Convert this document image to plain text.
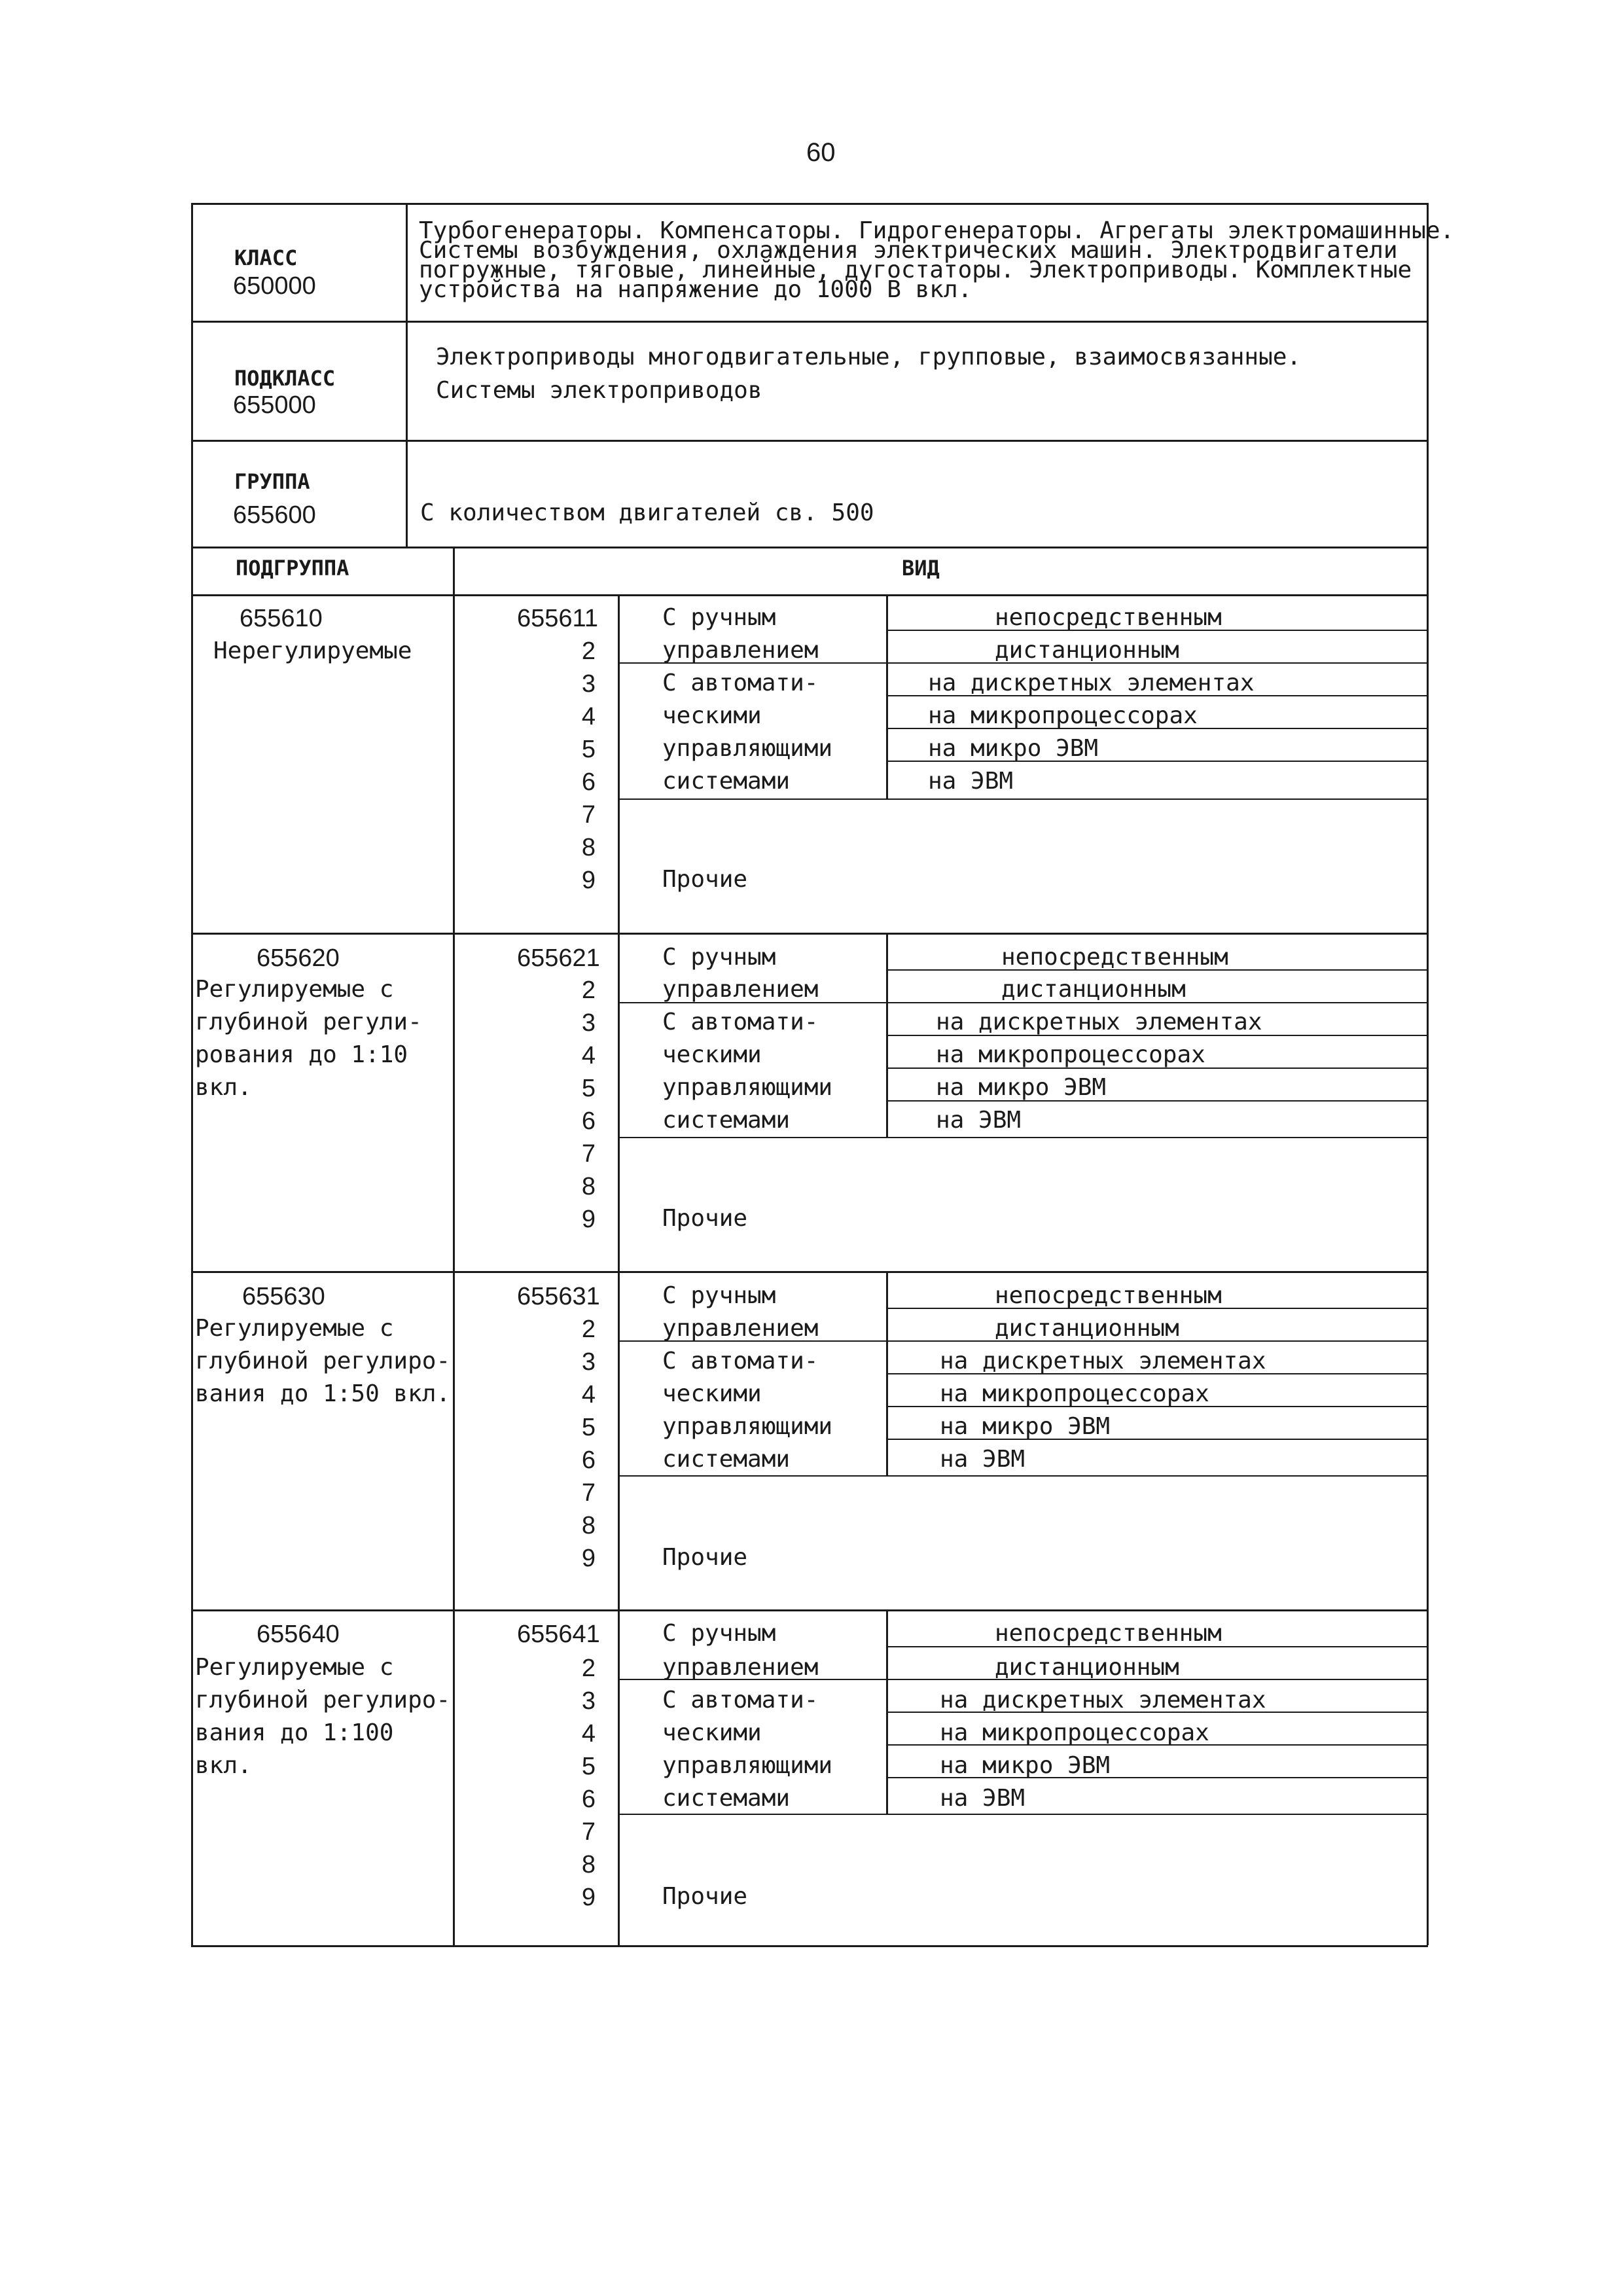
60
КЛАСС
650000
Турбогенераторы. Компенсаторы. Гидрогенераторы. Агрегаты электромашинные.
Системы возбуждения, охлаждения электрических машин. Электродвигатели
погружные, тяговые, линейные, дугостаторы. Электроприводы. Комплектные
устройства на напряжение до 1000 В вкл.
ПОДКЛАСС
655000
Электроприводы многодвигательные, групповые, взаимосвязанные.
Системы электроприводов
ГРУППА
655600	С количеством двигателей св. 500
ПОДГРУППА	ВИД
655610
Нерегулируемые
655611
2
3
4
5
6
7
8
9
С ручным
управлением
С автомати-
ческими
управляющими
системами
непосредственным
дистанционным
на дискретных элементах
на микропроцессорах
на микро ЭВМ
на ЭВМ
Прочие
655620
Регулируемые с
глубиной регули-
рования до 1:10
вкл.
655621
2
3
4
5
6
7
8
9
С ручным
управлением
С автомати-
ческими
управляющими
системами
непосредственным
дистанционным
на дискретных элементах
на микропроцессорах
на микро ЭВМ
на ЭВМ
Прочие
655630
Регулируемые с
глубиной регулиро-
вания до 1:50 вкл.
655631
2
3
4
5
6
7
8
9
С ручным
управлением
С автомати-
ческими
управляющими
системами
непосредственным
дистанционным
на дискретных элементах
на микропроцессорах
на микро ЭВМ
на ЭВМ
Прочие
655640
Регулируемые с
глубиной регулиро-
вания до 1:100
вкл.
655641
2
3
4
5
6
7
8
9
С ручным
управлением
С автомати-
ческими
управляющими
системами
непосредственным
дистанционным
на дискретных элементах
на микропроцессорах
на микро ЭВМ
на ЭВМ
Прочие
